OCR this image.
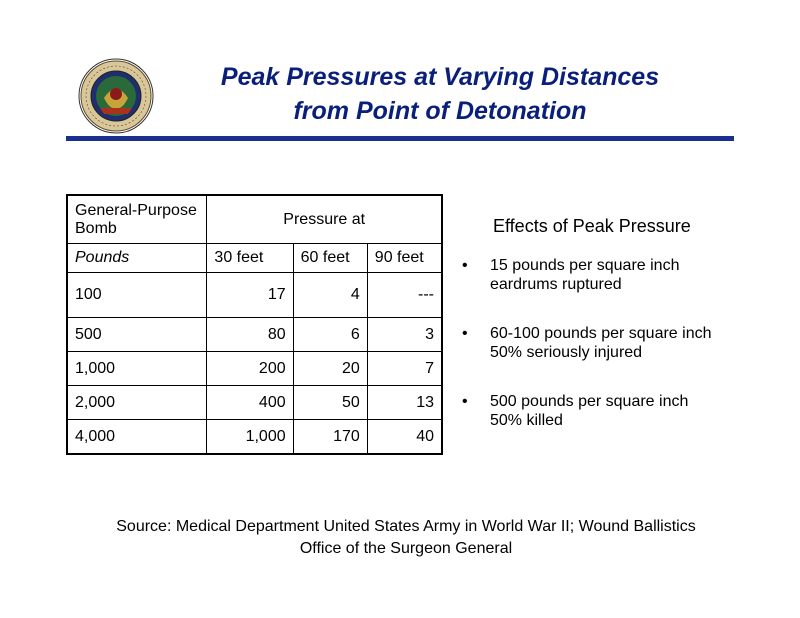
Peak Pressures at Varying Distances
from Point of Detonation
General-Purpose Bomb	Pressure at		
Pounds	30 feet	60 feet	90 feet
100	17	4	---
500	80	6	3
1,000	200	20	7
2,000	400	50	13
4,000	1,000	170	40
Effects of Peak Pressure
• 15 pounds per square inch
eardrums ruptured
• 60-100 pounds per square inch
50% seriously injured
• 500 pounds per square inch
50% killed
Source: Medical Department United States Army in World War II; Wound Ballistics
Office of the Surgeon General
